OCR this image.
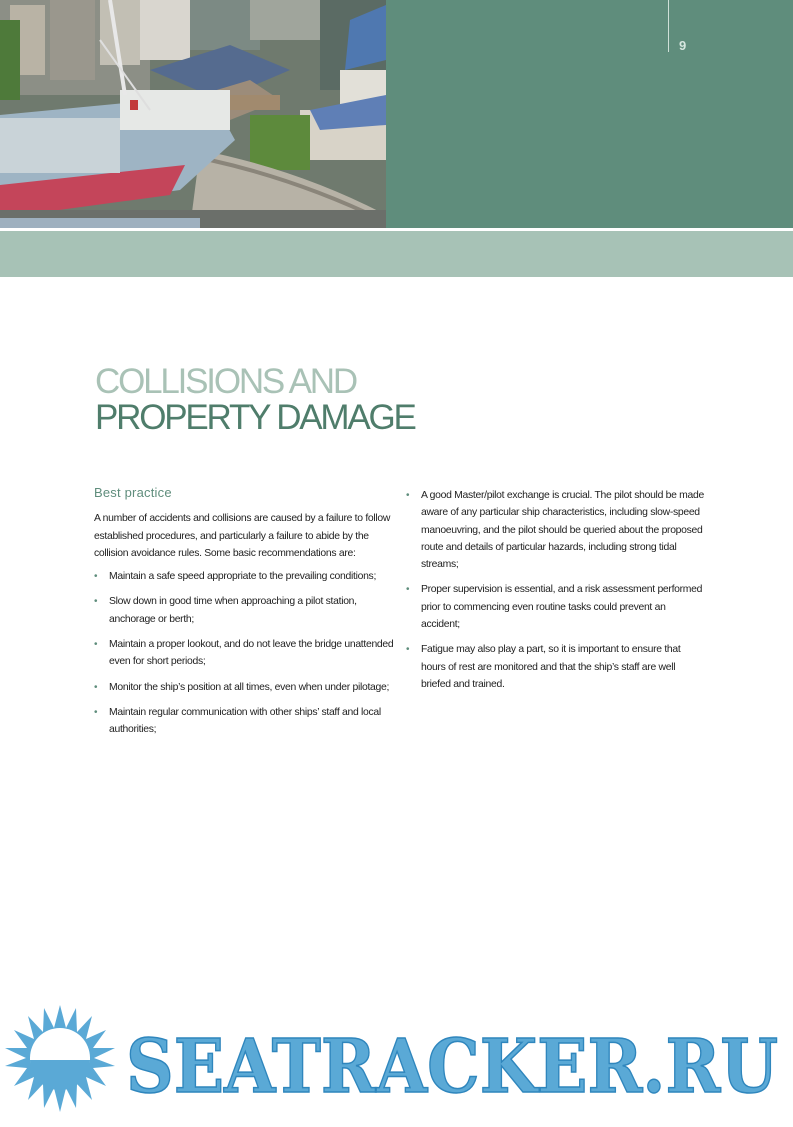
9
COLLISIONS AND
PROPERTY DAMAGE
Best practice

A number of accidents and collisions are caused by a failure to follow established procedures, and particularly a failure to abide by the collision avoidance rules. Some basic recommendations are:

• Maintain a safe speed appropriate to the prevailing conditions;
• Slow down in good time when approaching a pilot station, anchorage or berth;
• Maintain a proper lookout, and do not leave the bridge unattended even for short periods;
• Monitor the ship’s position at all times, even when under pilotage;
• Maintain regular communication with other ships’ staff and local authorities;
• A good Master/pilot exchange is crucial. The pilot should be made aware of any particular ship characteristics, including slow-speed manoeuvring, and the pilot should be queried about the proposed route and details of particular hazards, including strong tidal streams;
• Proper supervision is essential, and a risk assessment performed prior to commencing even routine tasks could prevent an accident;
• Fatigue may also play a part, so it is important to ensure that hours of rest are monitored and that the ship’s staff are well briefed and trained.
SEATRACKER.RU
